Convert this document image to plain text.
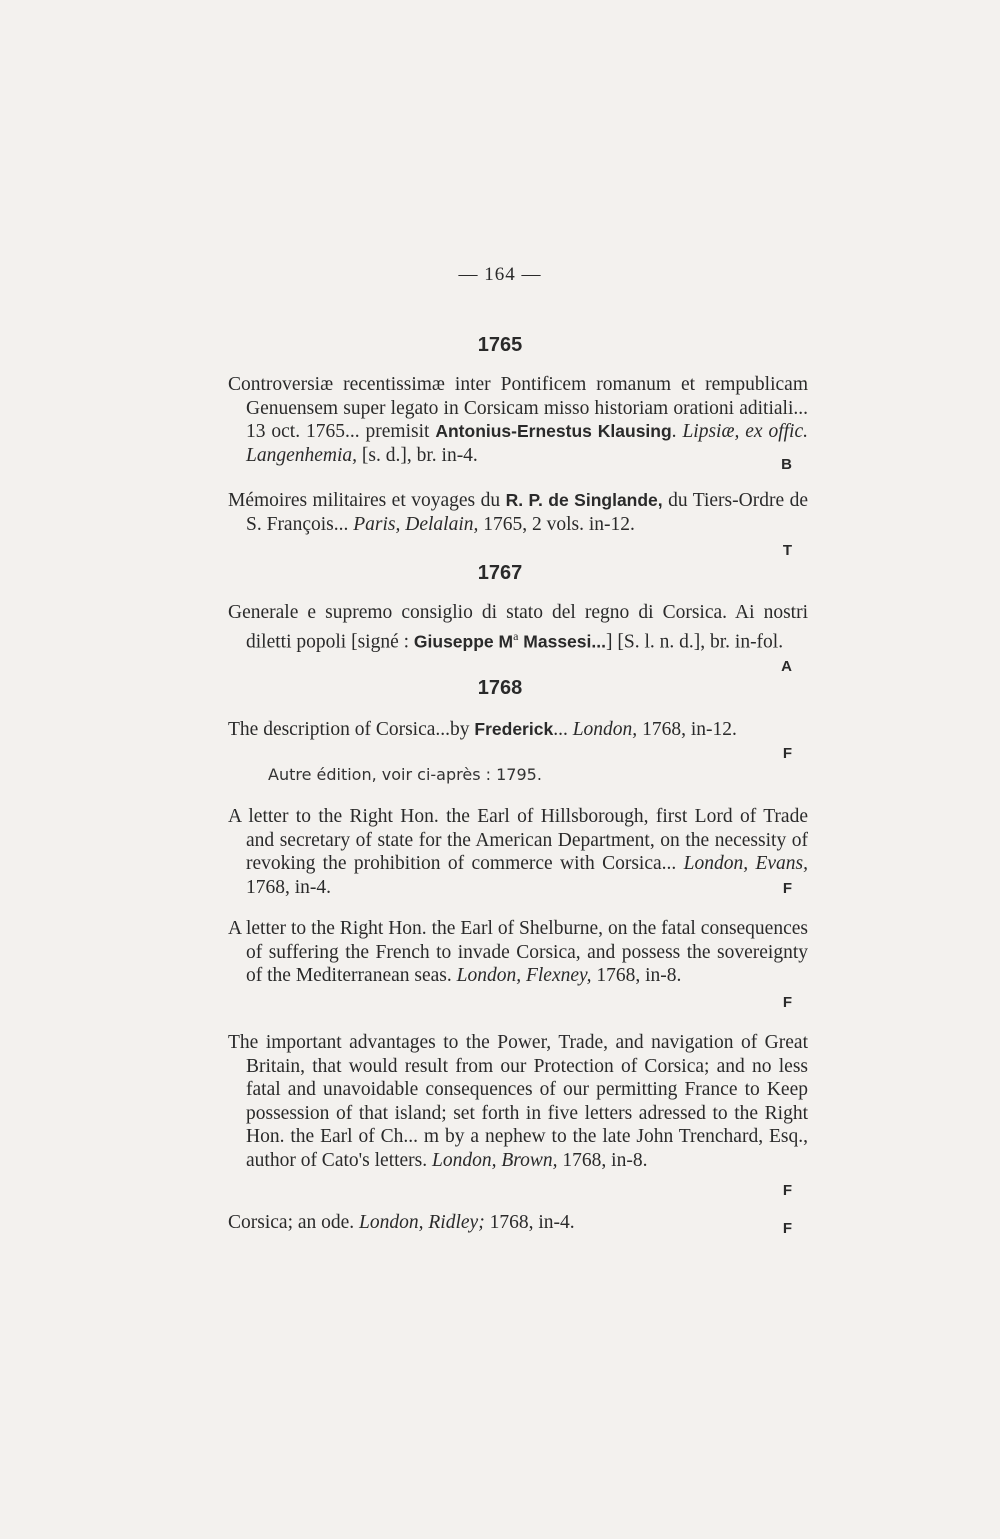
— 164 —
1765
Controversiæ recentissimæ inter Pontificem romanum et rempublicam Genuensem super legato in Corsicam misso historiam orationi aditiali... 13 oct. 1765... premisit Antonius-Ernestus Klausing. Lipsiæ, ex offic. Langenhemia, [s. d.], br. in-4.	B
Mémoires militaires et voyages du R. P. de Singlande, du Tiers-Ordre de S. François... Paris, Delalain, 1765, 2 vols. in-12.
T
1767
Generale e supremo consiglio di stato del regno di Corsica. Ai nostri diletti popoli [signé : Giuseppe $M^a$ Massesi...] [S. l. n. d.], br. in-fol.
A
1768
The description of Corsica...by Frederick... London, 1768, in-12.
F
Autre édition, voir ci-après : 1795.
A letter to the Right Hon. the Earl of Hillsborough, first Lord of Trade and secretary of state for the American Department, on the necessity of revoking the prohibition of commerce with Corsica... London, Evans, 1768, in-4.	F
A letter to the Right Hon. the Earl of Shelburne, on the fatal consequences of suffering the French to invade Corsica, and possess the sovereignty of the Mediterranean seas. London, Flexney, 1768, in-8.
F
The important advantages to the Power, Trade, and navigation of Great Britain, that would result from our Protection of Corsica; and no less fatal and unavoidable consequences of our permitting France to Keep possession of that island; set forth in five letters adressed to the Right Hon. the Earl of Ch... m by a nephew to the late John Trenchard, Esq., author of Cato's letters. London, Brown, 1768, in-8.
F
Corsica; an ode. London, Ridley; 1768, in-4.	F
